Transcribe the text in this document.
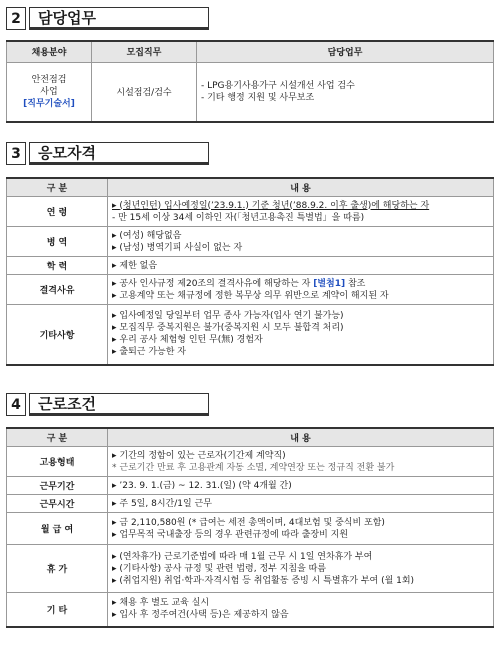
2	담당업무
채용분야	모집직무	담당업무

안전점검
사업
[직무기술서]	시설점검/검수	- LPG용기사용가구 시설개선 사업 검수
- 기타 행정 지원 및 사무보조
3	응모자격
구 분	내 용
연 령	▸ (청년인턴) 입사예정일(’23.9.1.) 기준 청년(’88.9.2. 이후 출생)에 해당하는 자
- 만 15세 이상 34세 이하인 자(「청년고용촉진 특별법」을 따름)

병 역	▸ (여성) 해당없음
▸ (남성) 병역기피 사실이 없는 자

학 력	▸ 제한 없음

결격사유	▸ 공사 인사규정 제20조의 결격사유에 해당하는 자 [별첨1] 참조
▸ 고용계약 또는 채규정에 정한 복무상 의무 위반으로 계약이 해지된 자

기타사항	▸ 입사예정일 당일부터 업무 종사 가능자(입사 연기 불가능)
▸ 모집직무 중복지원은 불가(중복지원 시 모두 불합격 처리)
▸ 우리 공사 체험형 인턴 무(無) 경험자
▸ 출퇴근 가능한 자
4	근로조건
구 분	내 용
고용형태	▸ 기간의 정함이 있는 근로자(기간제 계약직)
* 근로기간 만료 후 고용관계 자동 소멸, 계약연장 또는 정규직 전환 불가

근무기간	▸ ’23. 9. 1.(금) ~ 12. 31.(일) (약 4개월 간)

근무시간	▸ 주 5일, 8시간/1일 근무

월 급 여	▸ 금 2,110,580원 (* 급여는 세전 총액이며, 4대보험 및 중식비 포함)
▸ 업무목적 국내출장 등의 경우 관련규정에 따라 출장비 지원

휴 가	▸ (연차휴가) 근로기준법에 따라 매 1월 근무 시 1일 연차휴가 부여
▸ (기타사항) 공사 규정 및 관련 법령, 정부 지침을 따름
▸ (취업지원) 취업·학과·자격시험 등 취업활동 증빙 시 특별휴가 부여 (월 1회)

기 타	▸ 채용 후 별도 교육 실시
▸ 입사 후 정주여건(사택 등)은 제공하지 않음
